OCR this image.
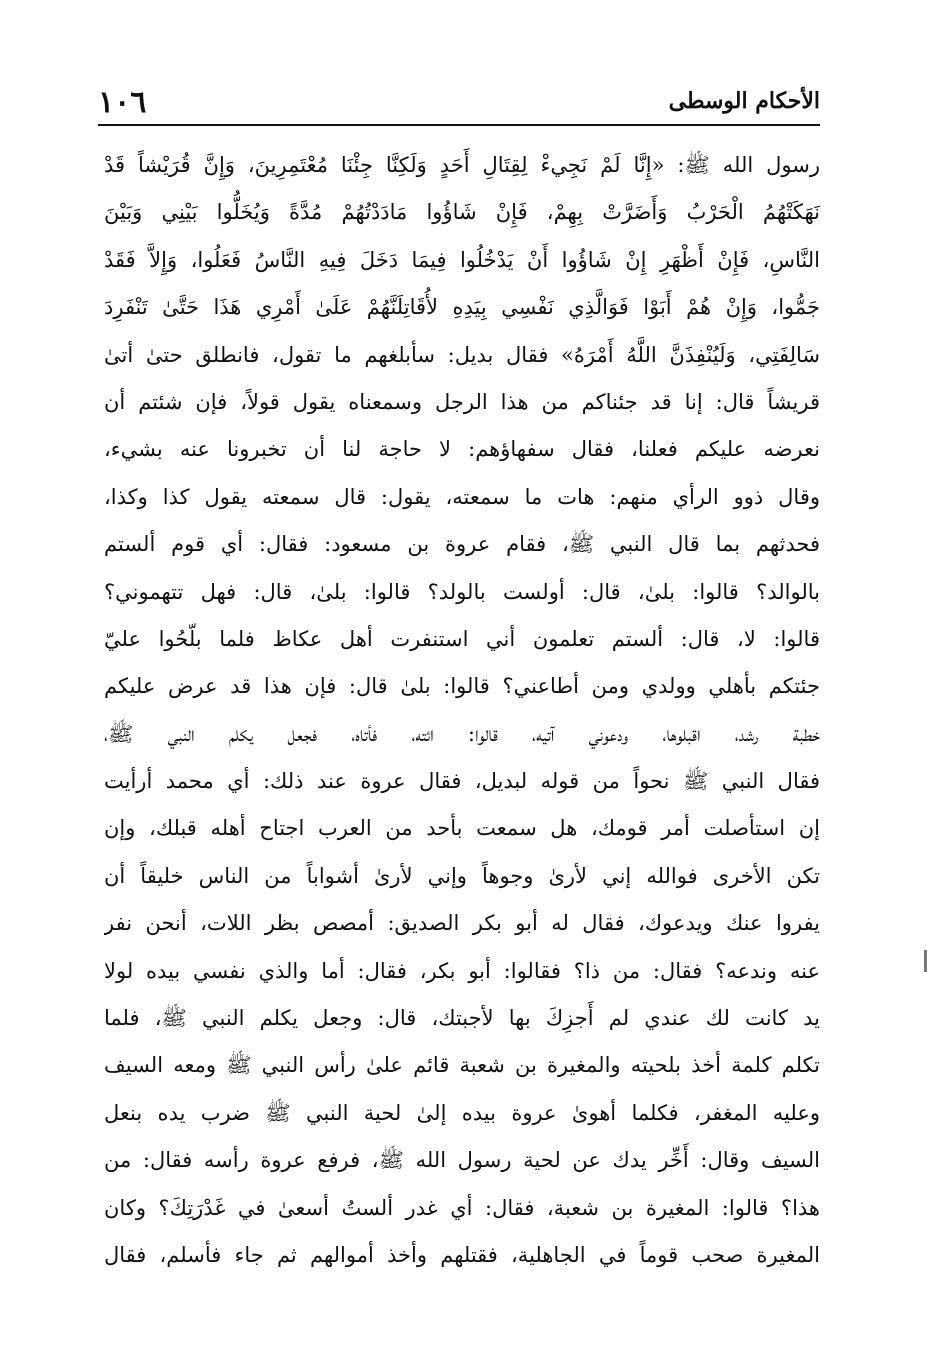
١٠٦	الأحكام الوسطى
رسول الله ﷺ: «إِنَّا لَمْ نَجِيءْ لِقِتَالِ أَحَدٍ وَلَكِنَّا جِئْنَا مُعْتَمِرِينَ، وَإِنَّ قُرَيْشاً قَدْ
نَهَكَتْهُمُ الْحَرْبُ وَأَضَرَّتْ بِهِمْ، فَإِنْ شَاؤُوا مَادَدْتُهُمْ مُدَّةً وَيُخَلُّوا بَيْنِي وَبَيْنَ
النَّاسِ، فَإِنْ أَظْهَرِ إِنْ شَاؤُوا أَنْ يَدْخُلُوا فِيمَا دَخَلَ فِيهِ النَّاسُ فَعَلُوا، وَإِلاَّ فَقَدْ
جَمُّوا، وَإِنْ هُمْ أَبَوْا فَوَالَّذِي نَفْسِي بِيَدِهِ لأُقَاتِلَنَّهُمْ عَلَىٰ أَمْرِي هَذَا حَتَّىٰ تَنْفَرِدَ
سَالِفَتِي، وَلَيُنْفِذَنَّ اللَّهُ أَمْرَهُ» فقال بديل: سأبلغهم ما تقول، فانطلق حتىٰ أتىٰ
قريشاً قال: إنا قد جئناكم من هذا الرجل وسمعناه يقول قولاً، فإن شئتم أن
نعرضه عليكم فعلنا، فقال سفهاؤهم: لا حاجة لنا أن تخبرونا عنه بشيء،
وقال ذوو الرأي منهم: هات ما سمعته، يقول: قال سمعته يقول كذا وكذا،
فحدثهم بما قال النبي ﷺ، فقام عروة بن مسعود: فقال: أي قوم ألستم
بالوالد؟ قالوا: بلىٰ، قال: أولست بالولد؟ قالوا: بلىٰ، قال: فهل تتهموني؟
قالوا: لا، قال: ألستم تعلمون أني استنفرت أهل عكاظ فلما بلّحُوا عليّ
جئتكم بأهلي وولدي ومن أطاعني؟ قالوا: بلىٰ قال: فإن هذا قد عرض عليكم
خطبة رشد، اقبلوها، ودعوني آتيه، قالوا: ائته، فأتاه، فجعل يكلم النبي ﷺ،
فقال النبي ﷺ نحواً من قوله لبديل، فقال عروة عند ذلك: أي محمد أرأيت
إن استأصلت أمر قومك، هل سمعت بأحد من العرب اجتاح أهله قبلك، وإن
تكن الأخرى فوالله إني لأرىٰ وجوهاً وإني لأرىٰ أشواباً من الناس خليقاً أن
يفروا عنك ويدعوك، فقال له أبو بكر الصديق: أمصص بظر اللات، أنحن نفر
عنه وندعه؟ فقال: من ذا؟ فقالوا: أبو بكر، فقال: أما والذي نفسي بيده لولا
يد كانت لك عندي لم أَجزِكَ بها لأجبتك، قال: وجعل يكلم النبي ﷺ، فلما
تكلم كلمة أخذ بلحيته والمغيرة بن شعبة قائم علىٰ رأس النبي ﷺ ومعه السيف
وعليه المغفر، فكلما أهوىٰ عروة بيده إلىٰ لحية النبي ﷺ ضرب يده بنعل
السيف وقال: أَخِّر يدك عن لحية رسول الله ﷺ، فرفع عروة رأسه فقال: من
هذا؟ قالوا: المغيرة بن شعبة، فقال: أي غدر ألستُ أسعىٰ في غَدْرَتِكَ؟ وكان
المغيرة صحب قوماً في الجاهلية، فقتلهم وأخذ أموالهم ثم جاء فأسلم، فقال
